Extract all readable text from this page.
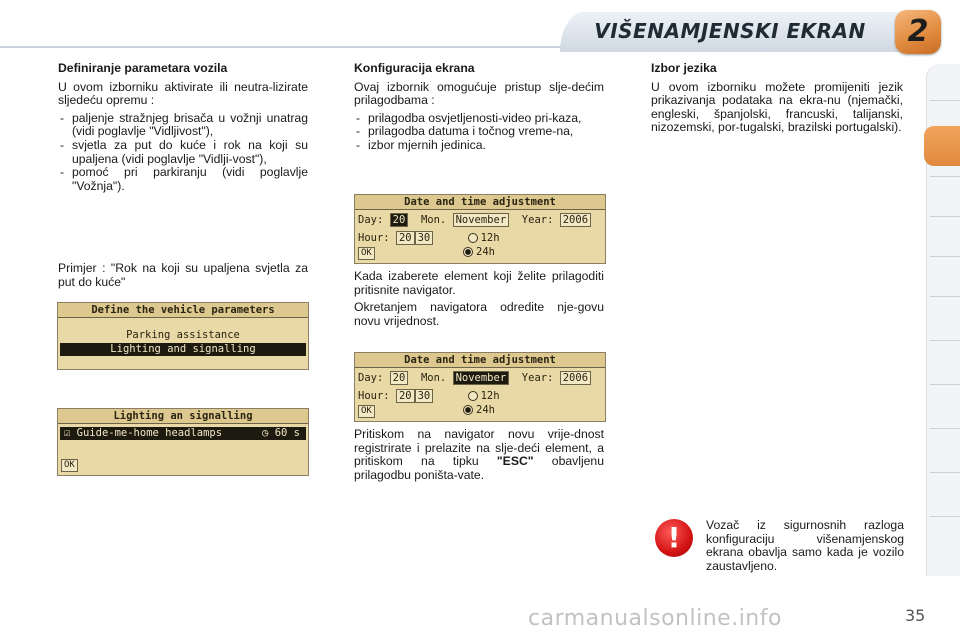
VIŠENAMJENSKI EKRAN	2

Definiranje parametara vozila

U ovom izborniku aktivirate ili neutra-lizirate sljedeću opremu :

- paljenje stražnjeg brisača u vožnji unatrag (vidi poglavlje "Vidljivost"),
- svjetla za put do kuće i rok na koji su upaljena (vidi poglavlje "Vidlji-vost"),
- pomoć pri parkiranju (vidi poglavlje "Vožnja").

Primjer : "Rok na koji su upaljena svjetla za put do kuće"

Define the vehicle parameters
Parking assistance
Lighting and signalling
Lighting an signalling
☑ Guide-me-home headlamps	◷ 60 s
OK

Konfiguracija ekrana

Ovaj izbornik omogućuje pristup slje-dećim prilagodbama :

- prilagodba osvjetljenosti-video pri-kaza,
- prilagodba datuma i točnog vreme-na,
- izbor mjernih jedinica.
Date and time adjustment
Day: 20 Mon. November Year: 2006
Hour: 20 30	12h
24h
OK

Kada izaberete element koji želite prilagoditi pritisnite navigator.

Okretanjem navigatora odredite nje-govu novu vrijednost.

Date and time adjustment
Day: 20 Mon. November Year: 2006
Hour: 20 30	12h
24h
OK

Pritiskom na navigator novu vrije-dnost registrirate i prelazite na slje-deći element, a pritiskom na tipku "ESC" obavljenu prilagodbu poništa-vate.

Izbor jezika

U ovom izborniku možete promijeniti jezik prikazivanja podataka na ekra-nu (njemački, engleski, španjolski, francuski, talijanski, nizozemski, por-tugalski, brazilski portugalski).

!	Vozač iz sigurnosnih razloga konfiguraciju višenamjenskog ekrana obavlja samo kada je vozilo zaustavljeno.

carmanualsonline.info	35
